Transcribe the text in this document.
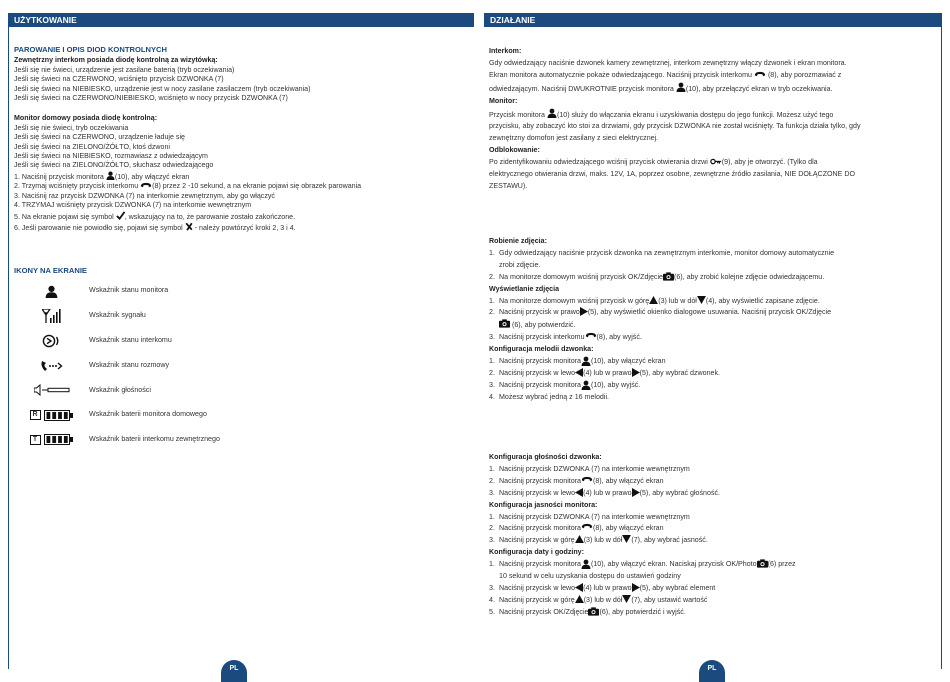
UŻYTKOWANIE	DZIAŁANIE
PAROWANIE I OPIS DIOD KONTROLNYCH
Zewnętrzny interkom posiada diodę kontrolną za wizytówką:
Jeśli się nie świeci, urządzenie jest zasilane baterią (tryb oczekiwania)
Jeśli się świeci na CZERWONO, wciśnięto przycisk DZWONKA (7)
Jeśli się świeci na NIEBIESKO, urządzenie jest w nocy zasilane zasilaczem (tryb oczekiwania)
Jeśli się świeci na CZERWONO/NIEBIESKO, wciśnięto w nocy przycisk DZWONKA (7)
Monitor domowy posiada diodę kontrolną:
Jeśli się nie świeci, tryb oczekiwania
Jeśli się świeci na CZERWONO, urządzenie ładuje się
Jeśli się świeci na ZIELONO/ŻÓŁTO, ktoś dzwoni
Jeśli się świeci na NIEBIESKO, rozmawiasz z odwiedzającym
Jeśli się świeci na ZIELONO/ŻÓŁTO, słuchasz odwiedzającego
1. Naciśnij przycisk monitora (10), aby włączyć ekran
2. Trzymaj wciśnięty przycisk interkomu (8) przez 2 -10 sekund, a na ekranie pojawi się obrazek parowania
3. Naciśnij raz przycisk DZWONKA (7) na interkomie zewnętrznym, aby go włączyć
4. TRZYMAJ wciśnięty przycisk DZWONKA (7) na interkomie wewnętrznym
5. Na ekranie pojawi się symbol , wskazujący na to, że parowanie zostało zakończone.
6. Jeśli parowanie nie powiodło się, pojawi się symbol  - należy powtórzyć kroki 2, 3 i 4.
IKONY NA EKRANIE
Wskaźnik stanu monitora
Wskaźnik sygnału
Wskaźnik stanu interkomu
Wskaźnik stanu rozmowy
Wskaźnik głośności
R	Wskaźnik baterii monitora domowego
T	Wskaźnik baterii interkomu zewnętrznego
Interkom:
Gdy odwiedzający naciśnie dzwonek kamery zewnętrznej, interkom zewnętrzny włączy dzwonek i ekran monitora.
Ekran monitora automatycznie pokaże odwiedzającego. Naciśnij przycisk interkomu  (8), aby porozmawiać z
odwiedzającym. Naciśnij DWUKROTNIE przycisk monitora (10), aby przełączyć ekran w tryb oczekiwania.
Monitor:
Przycisk monitora (10) służy do włączania ekranu i uzyskiwania dostępu do jego funkcji. Możesz użyć tego
przycisku, aby zobaczyć kto stoi za drzwiami, gdy przycisk DZWONKA nie został wciśnięty. Ta funkcja działa tylko, gdy
zewnętrzny domofon jest zasilany z sieci elektrycznej.
Odblokowanie:
Po zidentyfikowaniu odwiedzającego wciśnij przycisk otwierania drzwi (9), aby je otworzyć. (Tylko dla
elektrycznego otwierania drzwi, maks. 12V, 1A, poprzez osobne, zewnętrzne źródło zasilania, NIE DOŁĄCZONE DO
ZESTAWU).
Robienie zdjęcia:
1. Gdy odwiedzający naciśnie przycisk dzwonka na zewnętrznym interkomie, monitor domowy automatycznie
zrobi zdjęcie.
2. Na monitorze domowym wciśnij przycisk OK/Zdjęcie (6), aby zrobić kolejne zdjęcie odwiedzającemu.
Wyświetlanie zdjęcia
1. Na monitorze domowym wciśnij przycisk w górę (3) lub w dół (4), aby wyświetlić zapisane zdjęcie.
2. Naciśnij przycisk w prawo (5), aby wyświetlić okienko dialogowe usuwania. Naciśnij przycisk OK/Zdjęcie
(6), aby potwierdzić.
3. Naciśnij przycisk interkomu (8), aby wyjść.
Konfiguracja melodii dzwonka:
1. Naciśnij przycisk monitora (10), aby włączyć ekran
2. Naciśnij przycisk w lewo (4) lub w prawo (5), aby wybrać dzwonek.
3. Naciśnij przycisk monitora (10), aby wyjść.
4. Możesz wybrać jedną z 16 melodii.
Konfiguracja głośności dzwonka:
1. Naciśnij przycisk DZWONKA (7) na interkomie wewnętrznym
2. Naciśnij przycisk monitora (8), aby włączyć ekran
3. Naciśnij przycisk w lewo (4) lub w prawo (5), aby wybrać głośność.
Konfiguracja jasności monitora:
1. Naciśnij przycisk DZWONKA (7) na interkomie wewnętrznym
2. Naciśnij przycisk monitora (8), aby włączyć ekran
3. Naciśnij przycisk w górę (3) lub w dół (7), aby wybrać jasność.
Konfiguracja daty i godziny:
1. Naciśnij przycisk monitora (10), aby włączyć ekran. Naciskaj przycisk OK/Photo (6) przez
10 sekund w celu uzyskania dostępu do ustawień godziny
3. Naciśnij przycisk w lewo (4) lub w prawo (5), aby wybrać element
4. Naciśnij przycisk w górę (3) lub w dół (7), aby ustawić wartość
5. Naciśnij przycisk OK/Zdjęcie (6), aby potwierdzić i wyjść.
PL	PL
